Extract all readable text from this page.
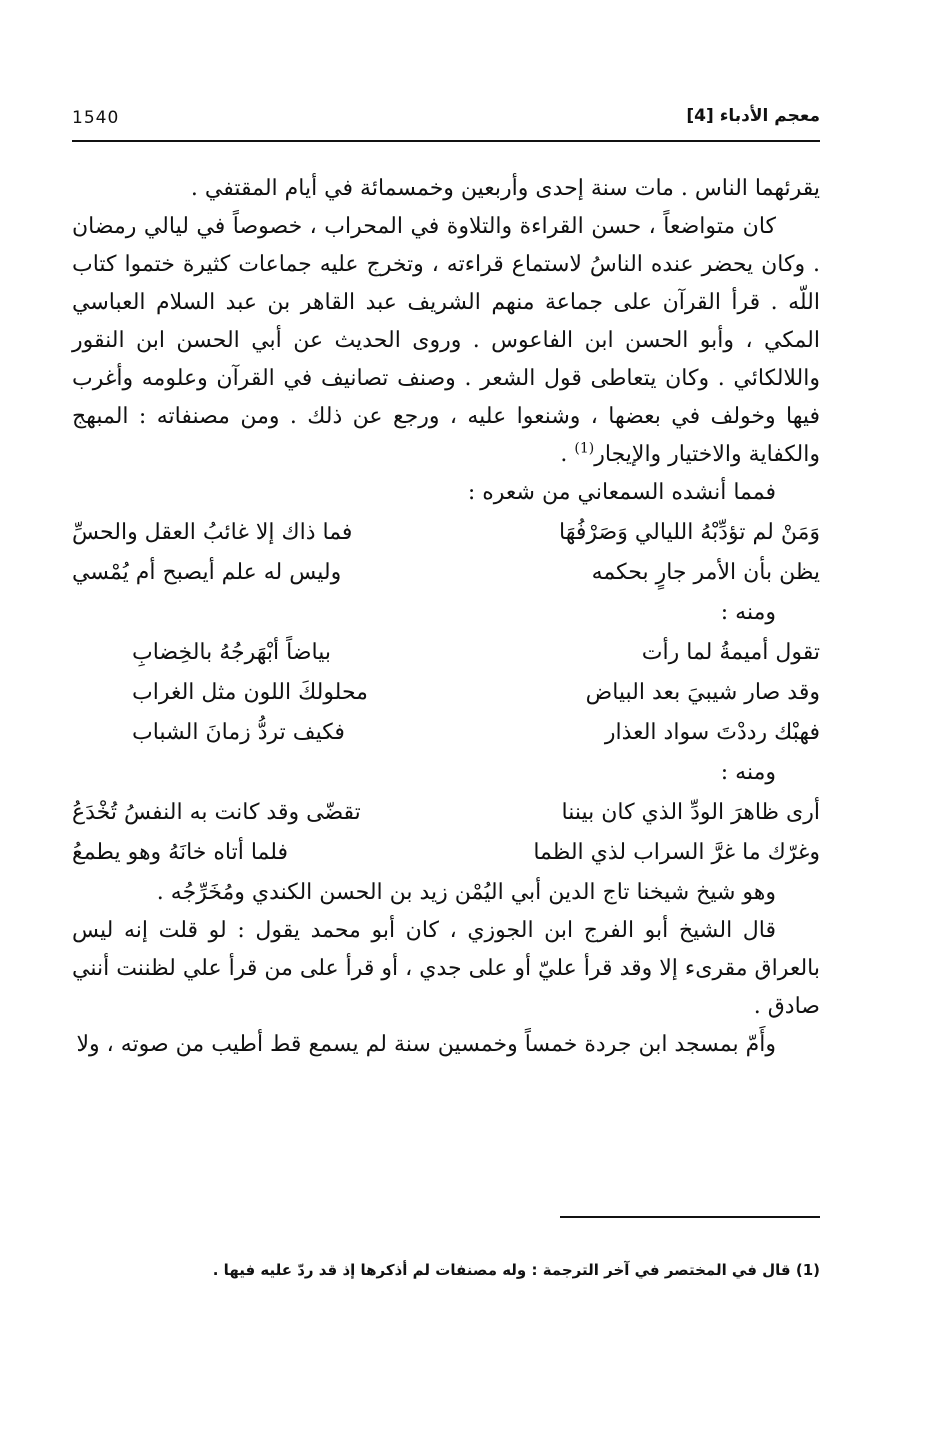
1540	معجم الأدباء [4]

يقرئهما الناس . مات سنة إحدى وأربعين وخمسمائة في أيام المقتفي .

كان متواضعاً ، حسن القراءة والتلاوة في المحراب ، خصوصاً في ليالي رمضان . وكان يحضر عنده الناسُ لاستماع قراءته ، وتخرج عليه جماعات كثيرة ختموا كتاب اللّه . قرأ القرآن على جماعة منهم الشريف عبد القاهر بن عبد السلام العباسي المكي ، وأبو الحسن ابن الفاعوس . وروى الحديث عن أبي الحسن ابن النقور واللالكائي . وكان يتعاطى قول الشعر . وصنف تصانيف في القرآن وعلومه وأغرب فيها وخولف في بعضها ، وشنعوا عليه ، ورجع عن ذلك . ومن مصنفاته : المبهج والكفاية والاختيار والإيجار$^{(1)}$ .

فمما أنشده السمعاني من شعره :

وَمَنْ لم تؤدِّبْهُ الليالي وَصَرْفُهَا
فما ذاك إلا غائبُ العقل والحسِّ
يظن بأن الأمر جارٍ بحكمه
وليس له علم أيصبح أم يُمْسي

ومنه :

تقول أميمةُ لما رأت
بياضاً أبْهَرجُهُ بالخِضابِ
وقد صار شيبيَ بعد البياض
محلولكَ اللون مثل الغراب
فهبْك رددْتَ سواد العذار
فكيف تردُّ زمانَ الشباب

ومنه :

أرى ظاهرَ الودِّ الذي كان بيننا
تقضّى وقد كانت به النفسُ تُخْدَعُ
وغرّك ما غرَّ السراب لذي الظما
فلما أتاه خانَهُ وهو يطمعُ

وهو شيخ شيخنا تاج الدين أبي اليُمْن زيد بن الحسن الكندي ومُخَرِّجُه .

قال الشيخ أبو الفرج ابن الجوزي ، كان أبو محمد يقول : لو قلت إنه ليس بالعراق مقرىء إلا وقد قرأ عليّ أو على جدي ، أو قرأ على من قرأ علي لظننت أنني صادق .

وأَمّ بمسجد ابن جردة خمساً وخمسين سنة لم يسمع قط أطيب من صوته ، ولا

(1) قال في المختصر في آخر الترجمة : وله مصنفات لم أذكرها إذ قد ردّ عليه فيها .
